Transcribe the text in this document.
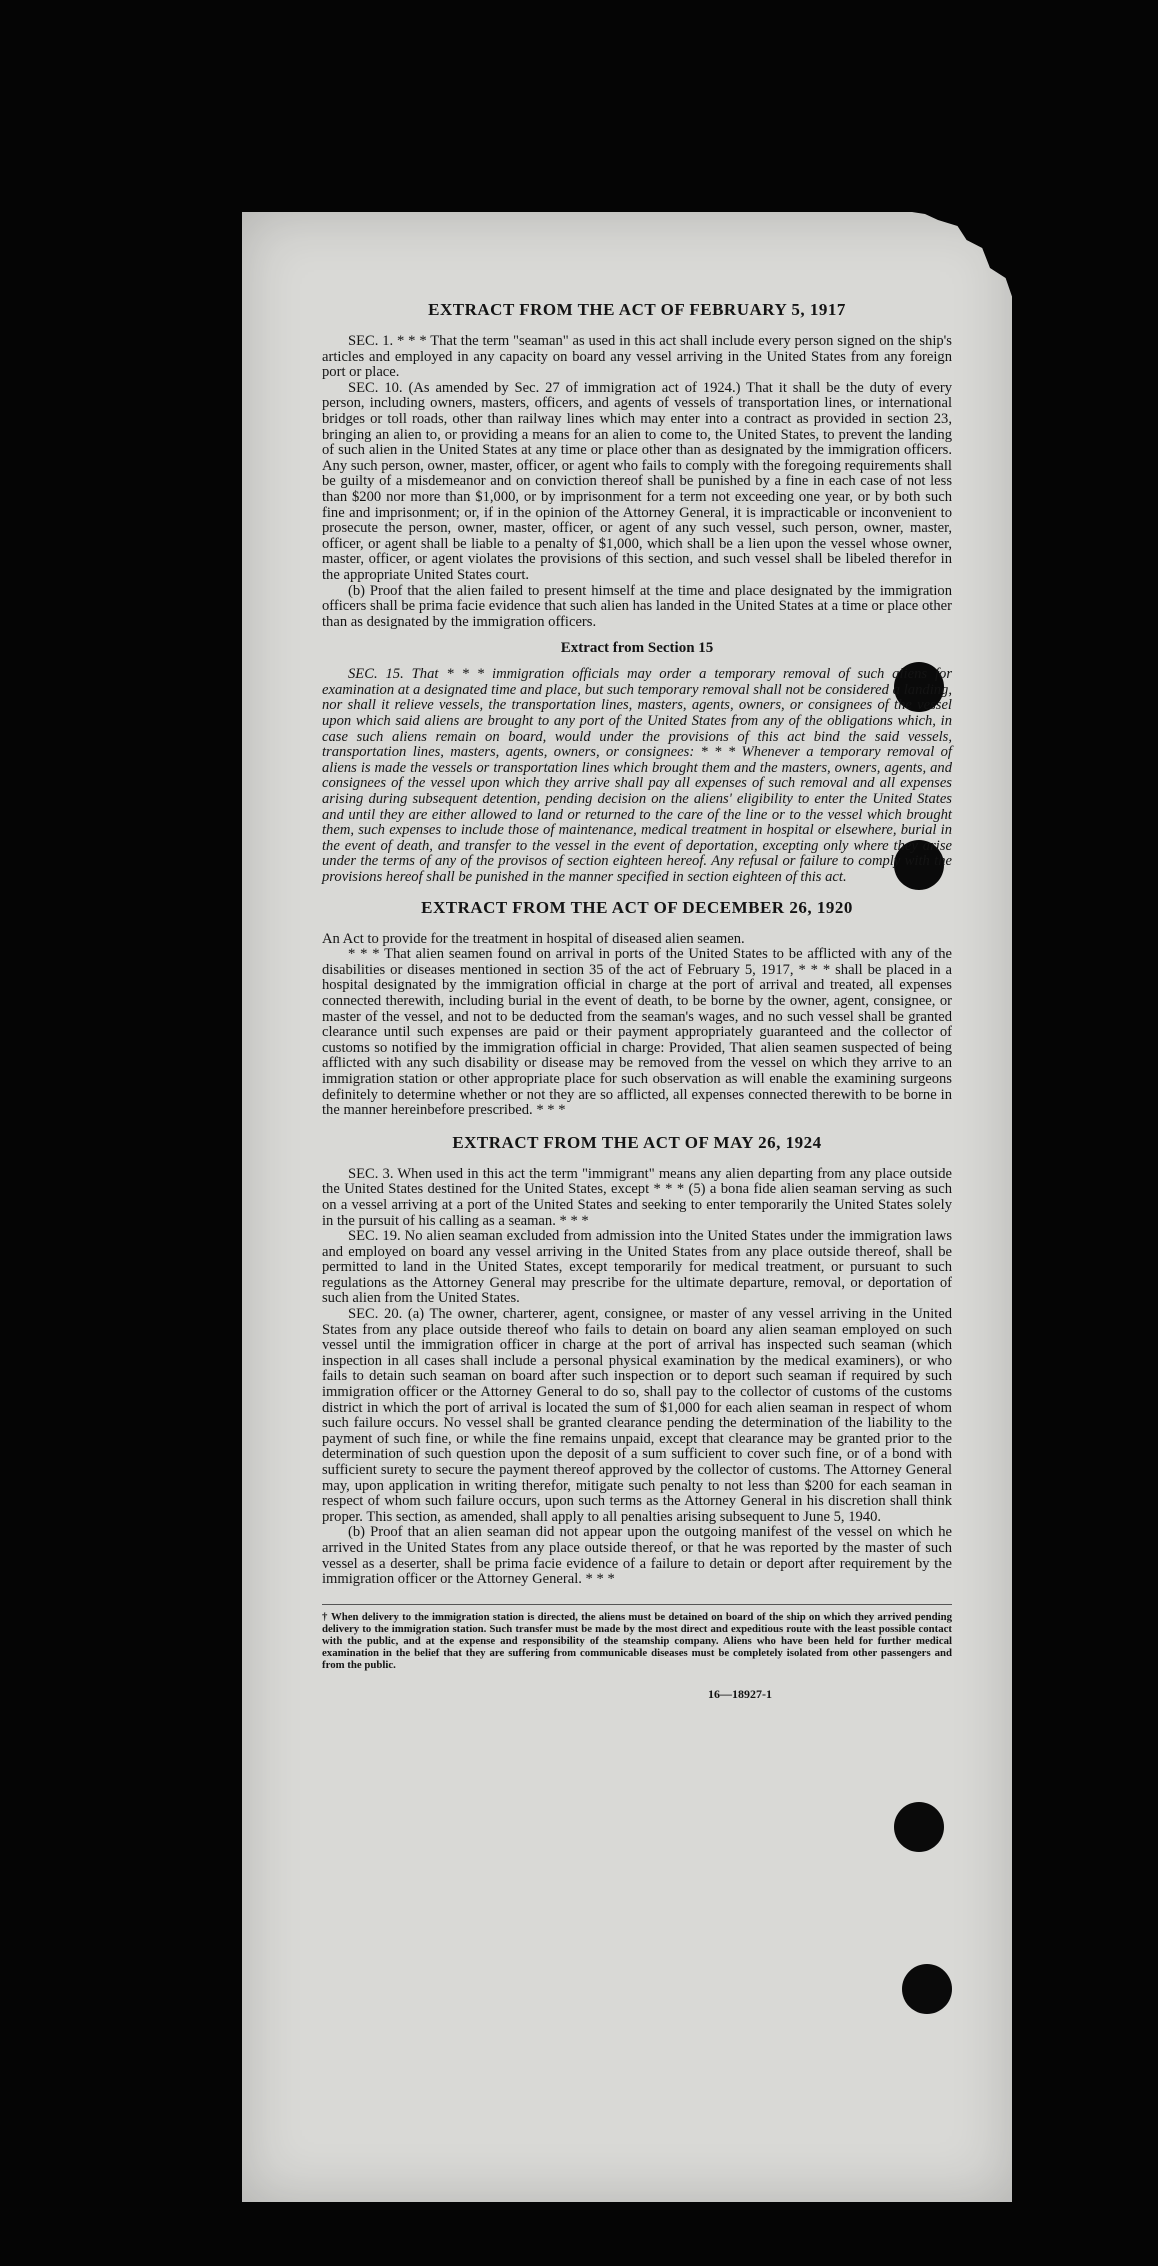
EXTRACT FROM THE ACT OF FEBRUARY 5, 1917

SEC. 1. * * * That the term "seaman" as used in this act shall include every person signed on the ship's articles and employed in any capacity on board any vessel arriving in the United States from any foreign port or place.

SEC. 10. (As amended by Sec. 27 of immigration act of 1924.) That it shall be the duty of every person, including owners, masters, officers, and agents of vessels of transportation lines, or international bridges or toll roads, other than railway lines which may enter into a contract as provided in section 23, bringing an alien to, or providing a means for an alien to come to, the United States, to prevent the landing of such alien in the United States at any time or place other than as designated by the immigration officers. Any such person, owner, master, officer, or agent who fails to comply with the foregoing requirements shall be guilty of a misdemeanor and on conviction thereof shall be punished by a fine in each case of not less than $200 nor more than $1,000, or by imprisonment for a term not exceeding one year, or by both such fine and imprisonment; or, if in the opinion of the Attorney General, it is impracticable or inconvenient to prosecute the person, owner, master, officer, or agent of any such vessel, such person, owner, master, officer, or agent shall be liable to a penalty of $1,000, which shall be a lien upon the vessel whose owner, master, officer, or agent violates the provisions of this section, and such vessel shall be libeled therefor in the appropriate United States court.

(b) Proof that the alien failed to present himself at the time and place designated by the immigration officers shall be prima facie evidence that such alien has landed in the United States at a time or place other than as designated by the immigration officers.

Extract from Section 15

SEC. 15. That * * * immigration officials may order a temporary removal of such aliens for examination at a designated time and place, but such temporary removal shall not be considered a landing, nor shall it relieve vessels, the transportation lines, masters, agents, owners, or consignees of the vessel upon which said aliens are brought to any port of the United States from any of the obligations which, in case such aliens remain on board, would under the provisions of this act bind the said vessels, transportation lines, masters, agents, owners, or consignees: * * * Whenever a temporary removal of aliens is made the vessels or transportation lines which brought them and the masters, owners, agents, and consignees of the vessel upon which they arrive shall pay all expenses of such removal and all expenses arising during subsequent detention, pending decision on the aliens' eligibility to enter the United States and until they are either allowed to land or returned to the care of the line or to the vessel which brought them, such expenses to include those of maintenance, medical treatment in hospital or elsewhere, burial in the event of death, and transfer to the vessel in the event of deportation, excepting only where they arise under the terms of any of the provisos of section eighteen hereof. Any refusal or failure to comply with the provisions hereof shall be punished in the manner specified in section eighteen of this act.

EXTRACT FROM THE ACT OF DECEMBER 26, 1920

An Act to provide for the treatment in hospital of diseased alien seamen.

* * * That alien seamen found on arrival in ports of the United States to be afflicted with any of the disabilities or diseases mentioned in section 35 of the act of February 5, 1917, * * * shall be placed in a hospital designated by the immigration official in charge at the port of arrival and treated, all expenses connected therewith, including burial in the event of death, to be borne by the owner, agent, consignee, or master of the vessel, and not to be deducted from the seaman's wages, and no such vessel shall be granted clearance until such expenses are paid or their payment appropriately guaranteed and the collector of customs so notified by the immigration official in charge: Provided, That alien seamen suspected of being afflicted with any such disability or disease may be removed from the vessel on which they arrive to an immigration station or other appropriate place for such observation as will enable the examining surgeons definitely to determine whether or not they are so afflicted, all expenses connected therewith to be borne in the manner hereinbefore prescribed. * * *

EXTRACT FROM THE ACT OF MAY 26, 1924

SEC. 3. When used in this act the term "immigrant" means any alien departing from any place outside the United States destined for the United States, except * * * (5) a bona fide alien seaman serving as such on a vessel arriving at a port of the United States and seeking to enter temporarily the United States solely in the pursuit of his calling as a seaman. * * *

SEC. 19. No alien seaman excluded from admission into the United States under the immigration laws and employed on board any vessel arriving in the United States from any place outside thereof, shall be permitted to land in the United States, except temporarily for medical treatment, or pursuant to such regulations as the Attorney General may prescribe for the ultimate departure, removal, or deportation of such alien from the United States.

SEC. 20. (a) The owner, charterer, agent, consignee, or master of any vessel arriving in the United States from any place outside thereof who fails to detain on board any alien seaman employed on such vessel until the immigration officer in charge at the port of arrival has inspected such seaman (which inspection in all cases shall include a personal physical examination by the medical examiners), or who fails to detain such seaman on board after such inspection or to deport such seaman if required by such immigration officer or the Attorney General to do so, shall pay to the collector of customs of the customs district in which the port of arrival is located the sum of $1,000 for each alien seaman in respect of whom such failure occurs. No vessel shall be granted clearance pending the determination of the liability to the payment of such fine, or while the fine remains unpaid, except that clearance may be granted prior to the determination of such question upon the deposit of a sum sufficient to cover such fine, or of a bond with sufficient surety to secure the payment thereof approved by the collector of customs. The Attorney General may, upon application in writing therefor, mitigate such penalty to not less than $200 for each seaman in respect of whom such failure occurs, upon such terms as the Attorney General in his discretion shall think proper. This section, as amended, shall apply to all penalties arising subsequent to June 5, 1940.

(b) Proof that an alien seaman did not appear upon the outgoing manifest of the vessel on which he arrived in the United States from any place outside thereof, or that he was reported by the master of such vessel as a deserter, shall be prima facie evidence of a failure to detain or deport after requirement by the immigration officer or the Attorney General. * * *

† When delivery to the immigration station is directed, the aliens must be detained on board of the ship on which they arrived pending delivery to the immigration station. Such transfer must be made by the most direct and expeditious route with the least possible contact with the public, and at the expense and responsibility of the steamship company. Aliens who have been held for further medical examination in the belief that they are suffering from communicable diseases must be completely isolated from other passengers and from the public.

16—18927-1
